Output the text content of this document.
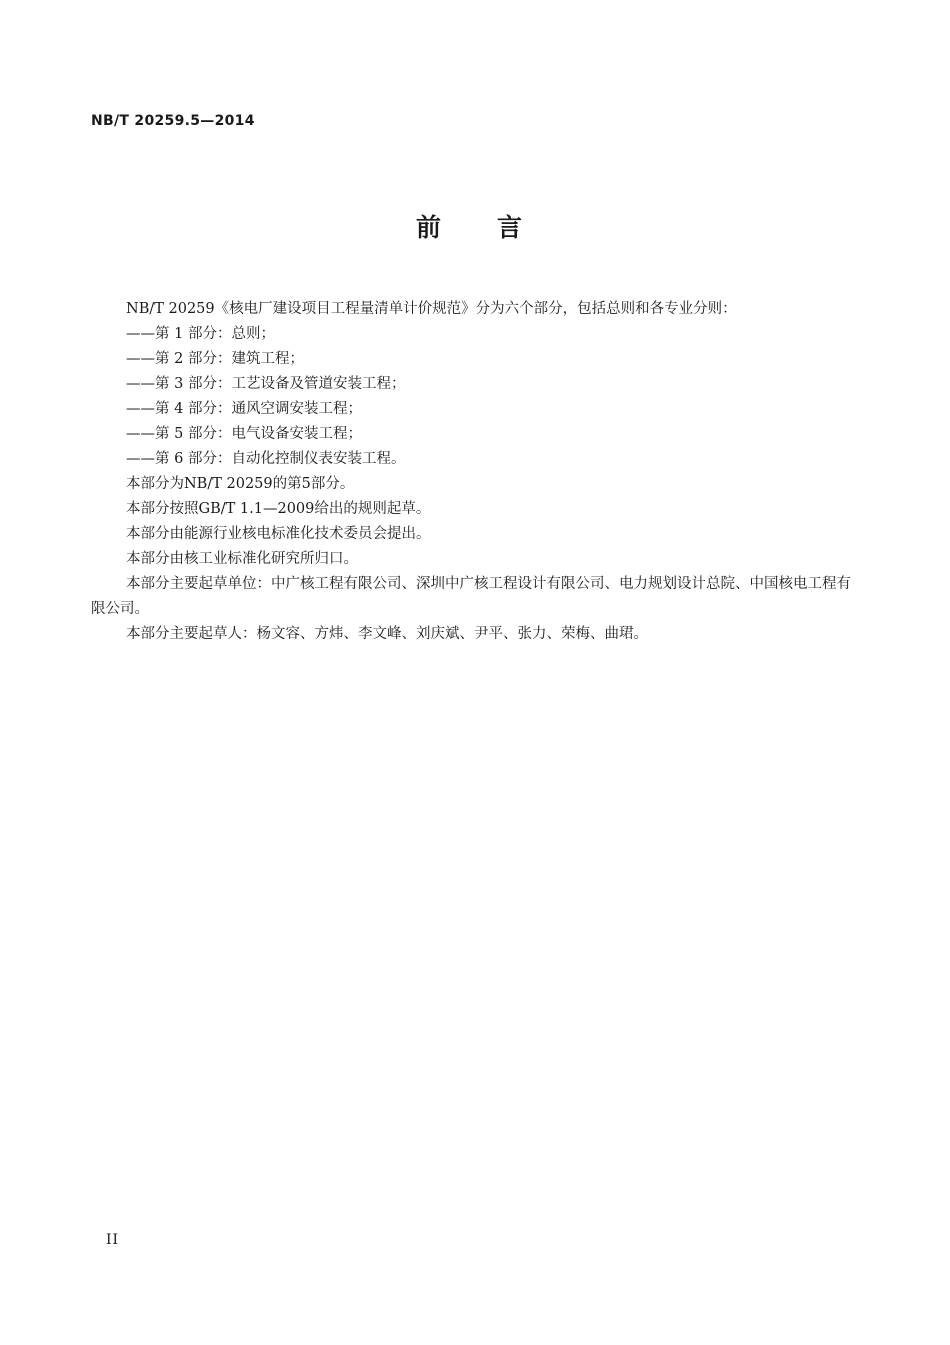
NB/T 20259.5—2014
前言

NB/T 20259《核电厂建设项目工程量清单计价规范》分为六个部分，包括总则和各专业分则：

——第 1 部分：总则；

——第 2 部分：建筑工程；

——第 3 部分：工艺设备及管道安装工程；

——第 4 部分：通风空调安装工程；

——第 5 部分：电气设备安装工程；

——第 6 部分：自动化控制仪表安装工程。

本部分为NB/T 20259的第5部分。

本部分按照GB/T 1.1—2009给出的规则起草。

本部分由能源行业核电标准化技术委员会提出。

本部分由核工业标准化研究所归口。

本部分主要起草单位：中广核工程有限公司、深圳中广核工程设计有限公司、电力规划设计总院、中国核电工程有限公司。

本部分主要起草人：杨文容、方炜、李文峰、刘庆斌、尹平、张力、荣梅、曲珺。

II
